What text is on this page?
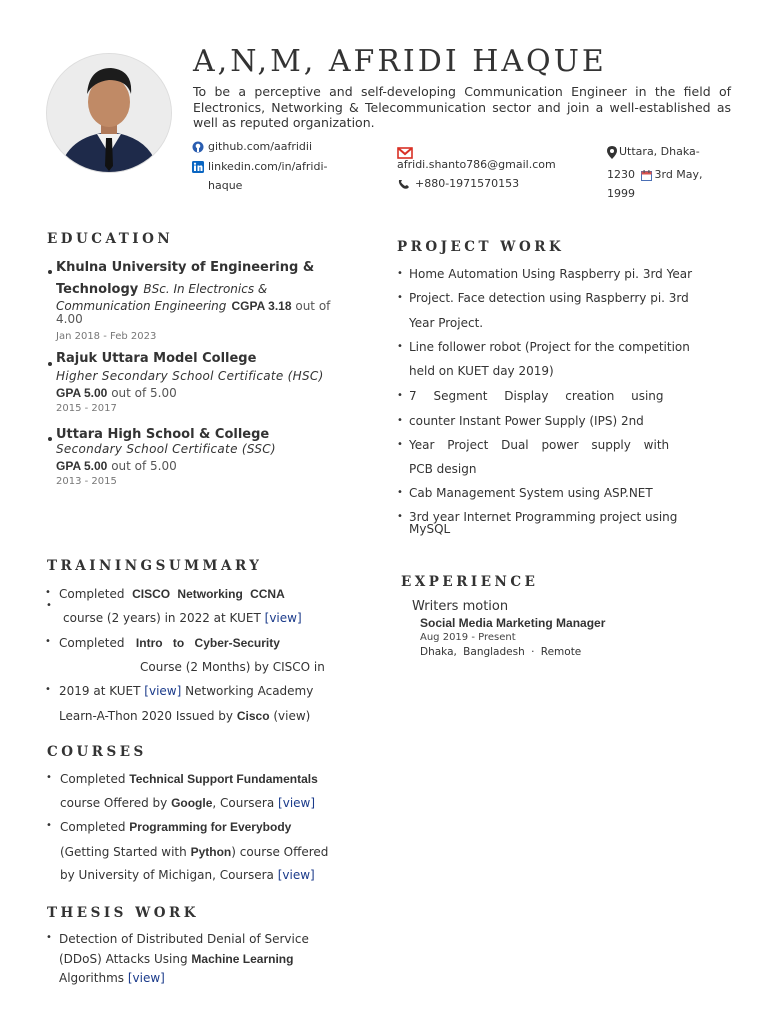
A,N,M, AFRIDI HAQUE
To be a perceptive and self-developing Communication Engineer in the field of Electronics, Networking & Telecommunication sector and join a well-established as well as reputed organization.
github.com/aafridii
linkedin.com/in/afridi-
haque
afridi.shanto786@gmail.com
+880-1971570153
Uttara, Dhaka-
1230 3rd May,
1999
EDUCATION
Khulna University of Engineering &
Technology BSc. In Electronics &
Communication Engineering CGPA 3.18 out of
4.00
Jan 2018 - Feb 2023
Rajuk Uttara Model College
Higher Secondary School Certificate (HSC)
GPA 5.00 out of 5.00
2015 - 2017
Uttara High School & College
Secondary School Certificate (SSC)
GPA 5.00 out of 5.00
2013 - 2015
TRAININGSUMMARY
• Completed CISCO Networking CCNA
•
course (2 years) in 2022 at KUET [view]
• Completed Intro to Cyber-Security
Course (2 Months) by CISCO in
• 2019 at KUET [view] Networking Academy
Learn-A-Thon 2020 Issued by Cisco (view)
COURSES
• Completed Technical Support Fundamentals
course Offered by Google, Coursera [view]
• Completed Programming for Everybody
(Getting Started with Python) course Offered
by University of Michigan, Coursera [view]
THESIS WORK
• Detection of Distributed Denial of Service
(DDoS) Attacks Using Machine Learning
Algorithms [view]
PROJECT WORK
• Home Automation Using Raspberry pi. 3rd Year
• Project. Face detection using Raspberry pi. 3rd
Year Project.
• Line follower robot (Project for the competition
held on KUET day 2019)
• 7 Segment Display creation using
• counter Instant Power Supply (IPS) 2nd
• Year Project Dual power supply with
PCB design
• Cab Management System using ASP.NET
• 3rd year Internet Programming project using
MySQL
EXPERIENCE
Writers motion
Social Media Marketing Manager
Aug 2019 - Present
Dhaka, Bangladesh · Remote
